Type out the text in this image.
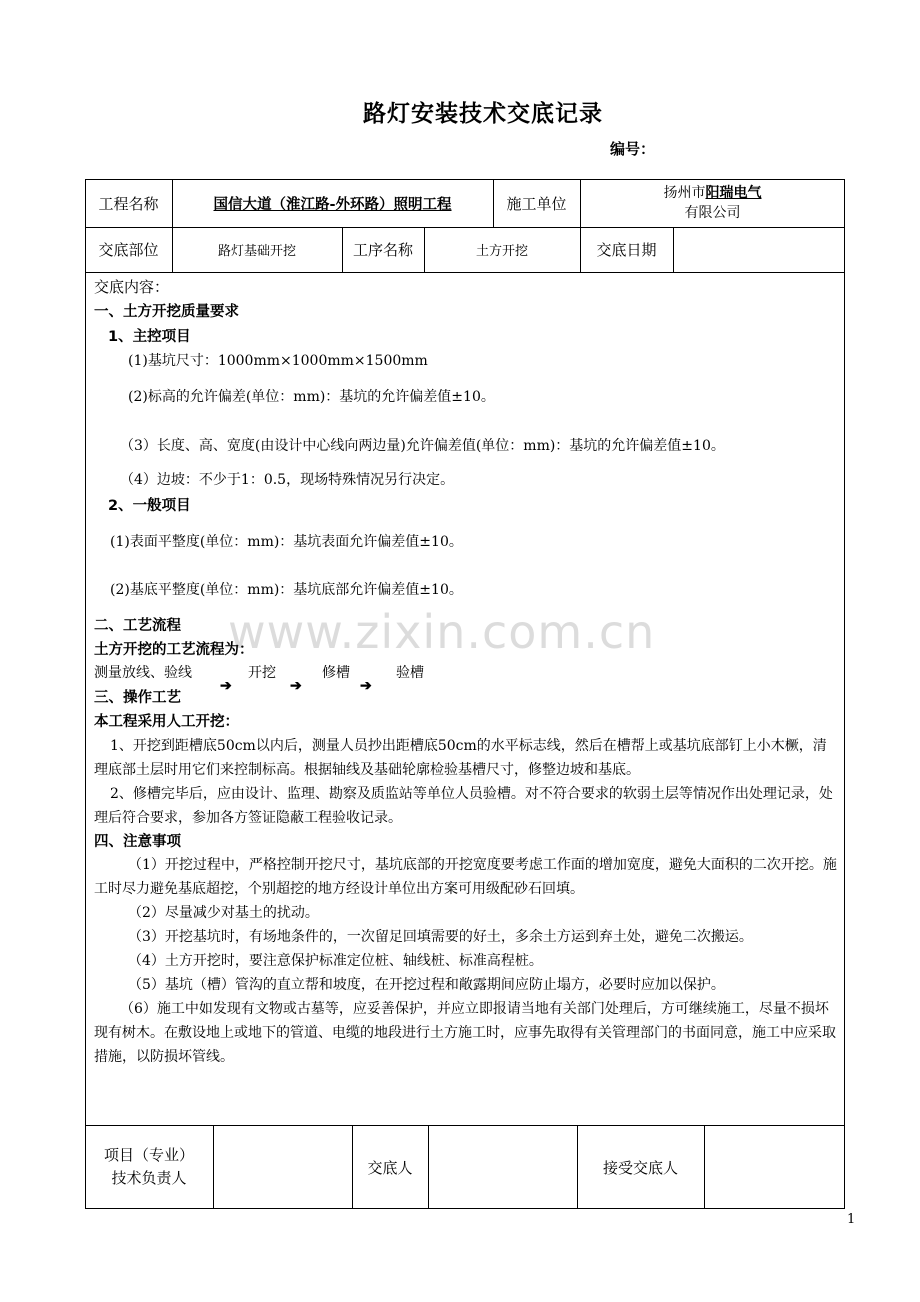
路灯安装技术交底记录
编号：
工程名称	国信大道（淮江路-外环路）照明工程	施工单位
扬州市阳瑞电气
有限公司
交底部位	路灯基础开挖	工序名称	土方开挖	交底日期
www.zixin.com.cn
交底内容：
一、土方开挖质量要求
1、主控项目
(1)基坑尺寸：1000mm×1000mm×1500mm
(2)标高的允许偏差(单位：mm)：基坑的允许偏差值±10。
（3）长度、高、宽度(由设计中心线向两边量)允许偏差值(单位：mm)：基坑的允许偏差值±10。
（4）边坡：不少于1：0.5，现场特殊情况另行决定。
2、一般项目
(1)表面平整度(单位：mm)：基坑表面允许偏差值±10。
(2)基底平整度(单位：mm)：基坑底部允许偏差值±10。
二、工艺流程
土方开挖的工艺流程为：
测量放线、验线	开挖	修槽	验槽
➔	➔	➔
三、操作工艺
本工程采用人工开挖：
1、开挖到距槽底50cm以内后，测量人员抄出距槽底50cm的水平标志线，然后在槽帮上或基坑底部钉上小木橛，清理底部土层时用它们来控制标高。根据轴线及基础轮廓检验基槽尺寸，修整边坡和基底。
2、修槽完毕后，应由设计、监理、勘察及质监站等单位人员验槽。对不符合要求的软弱土层等情况作出处理记录，处理后符合要求，参加各方签证隐蔽工程验收记录。
四、注意事项
（1）开挖过程中，严格控制开挖尺寸，基坑底部的开挖宽度要考虑工作面的增加宽度，避免大面积的二次开挖。施工时尽力避免基底超挖，个别超挖的地方经设计单位出方案可用级配砂石回填。
（2）尽量减少对基土的扰动。
（3）开挖基坑时，有场地条件的，一次留足回填需要的好土，多余土方运到弃土处，避免二次搬运。
（4）土方开挖时，要注意保护标准定位桩、轴线桩、标准高程桩。
（5）基坑（槽）管沟的直立帮和坡度，在开挖过程和敞露期间应防止塌方，必要时应加以保护。
（6）施工中如发现有文物或古墓等，应妥善保护，并应立即报请当地有关部门处理后，方可继续施工，尽量不损坏现有树木。在敷设地上或地下的管道、电缆的地段进行土方施工时，应事先取得有关管理部门的书面同意，施工中应采取措施，以防损坏管线。
项目（专业）
技术负责人
交底人	接受交底人
1
